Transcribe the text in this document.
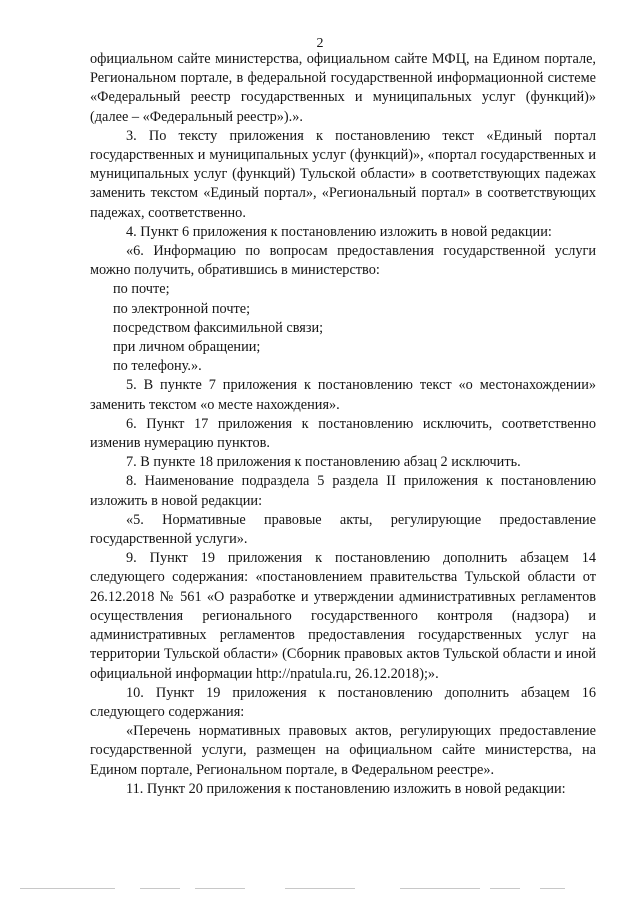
2

официальном сайте министерства, официальном сайте МФЦ, на Едином портале, Региональном портале, в федеральной государственной информационной системе «Федеральный реестр государственных и муниципальных услуг (функций)» (далее – «Федеральный реестр»).».

3. По тексту приложения к постановлению текст «Единый портал государственных и муниципальных услуг (функций)», «портал государственных и муниципальных услуг (функций) Тульской области» в соответствующих падежах заменить текстом «Единый портал», «Региональный портал» в соответствующих падежах, соответственно.

4. Пункт 6 приложения к постановлению изложить в новой редакции:

«6. Информацию по вопросам предоставления государственной услуги можно получить, обратившись в министерство:

по почте;

по электронной почте;

посредством факсимильной связи;

при личном обращении;

по телефону.».

5. В пункте 7 приложения к постановлению текст «о местонахождении» заменить текстом «о месте нахождения».

6. Пункт 17 приложения к постановлению исключить, соответственно изменив нумерацию пунктов.

7. В пункте 18 приложения к постановлению абзац 2 исключить.

8. Наименование подраздела 5 раздела II приложения к постановлению изложить в новой редакции:

«5. Нормативные правовые акты, регулирующие предоставление государственной услуги».

9. Пункт 19 приложения к постановлению дополнить абзацем 14 следующего содержания: «постановлением правительства Тульской области от 26.12.2018 № 561 «О разработке и утверждении административных регламентов осуществления регионального государственного контроля (надзора) и административных регламентов предоставления государственных услуг на территории Тульской области» (Сборник правовых актов Тульской области и иной официальной информации http://npatula.ru, 26.12.2018);».

10. Пункт 19 приложения к постановлению дополнить абзацем 16 следующего содержания:

«Перечень нормативных правовых актов, регулирующих предоставление государственной услуги, размещен на официальном сайте министерства, на Едином портале, Региональном портале, в Федеральном реестре».

11. Пункт 20 приложения к постановлению изложить в новой редакции:
